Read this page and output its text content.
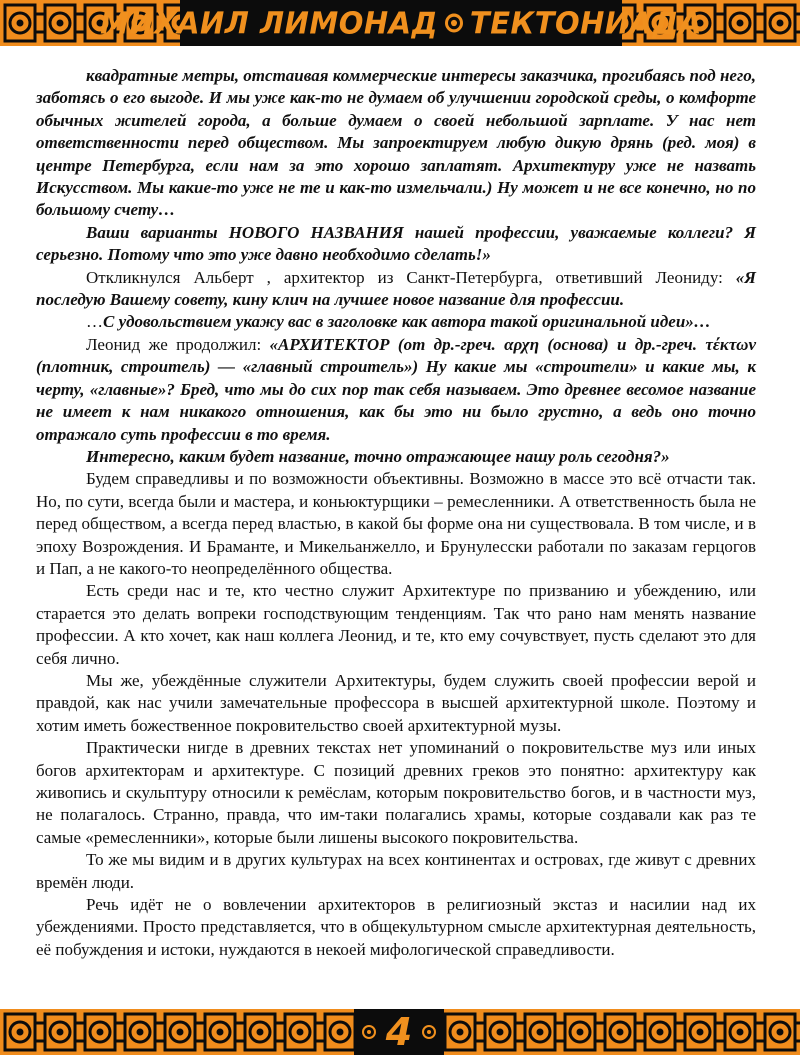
МИХАИЛ ЛИМОНАД ТЕКТОНИАДА

квадратные метры, отстаивая коммерческие интересы заказчика, прогибаясь под него, заботясь о его выгоде. И мы уже как-то не думаем об улучшении городской среды, о комфорте обычных жителей города, а больше думаем о своей небольшой зарплате. У нас нет ответственности перед обществом. Мы запроектируем любую дикую дрянь (ред. моя) в центре Петербурга, если нам за это хорошо заплатят. Архитектуру уже не назвать Искусством. Мы какие-то уже не те и как-то измельчали.) Ну может и не все конечно, но по большому счету…

Ваши варианты НОВОГО НАЗВАНИЯ нашей профессии, уважаемые коллеги? Я серьезно. Потому что это уже давно необходимо сделать!»

Откликнулся Альберт , архитектор из Санкт-Петербурга, ответивший Леониду: «Я последую Вашему совету, кину клич на лучшее новое название для профессии.

…С удовольствием укажу вас в заголовке как автора такой оригинальной идеи»…

Леонид же продолжил: «АРХИТЕКТОР (от др.-греч. αρχη (основа) и др.-греч. τέκτων (плотник, строитель) — «главный строитель») Ну какие мы «строители» и какие мы, к черту, «главные»? Бред, что мы до сих пор так себя называем. Это древнее весомое название не имеет к нам никакого отношения, как бы это ни было грустно, а ведь оно точно отражало суть профессии в то время.

Интересно, каким будет название, точно отражающее нашу роль сегодня?»

Будем справедливы и по возможности объективны. Возможно в массе это всё отчасти так. Но, по сути, всегда были и мастера, и коньюктурщики – ремесленники. А ответственность была не перед обществом, а всегда перед властью, в какой бы форме она ни существовала. В том числе, и в эпоху Возрождения. И Браманте, и Микельанжелло, и Брунулесски работали по заказам герцогов и Пап, а не какого-то неопределённого общества.

Есть среди нас и те, кто честно служит Архитектуре по призванию и убеждению, или старается это делать вопреки господствующим тенденциям. Так что рано нам менять название профессии. А кто хочет, как наш коллега Леонид, и те, кто ему сочувствует, пусть сделают это для себя лично.

Мы же, убеждённые служители Архитектуры, будем служить своей профессии верой и правдой, как нас учили замечательные профессора в высшей архитектурной школе. Поэтому и хотим иметь божественное покровительство своей архитектурной музы.

Практически нигде в древних текстах нет упоминаний о покровительстве муз или иных богов архитекторам и архитектуре. С позиций древних греков это понятно: архитектуру как живопись и скульптуру относили к ремёслам, которым покровительство богов, и в частности муз, не полагалось. Странно, правда, что им-таки полагались храмы, которые создавали как раз те самые «ремесленники», которые были лишены высокого покровительства.

То же мы видим и в других культурах на всех континентах и островах, где живут с древних времён люди.

Речь идёт не о вовлечении архитекторов в религиозный экстаз и насилии над их убеждениями. Просто представляется, что в общекультурном смысле архитектурная деятельность, её побуждения и истоки, нуждаются в некоей мифологической справедливости.

4
